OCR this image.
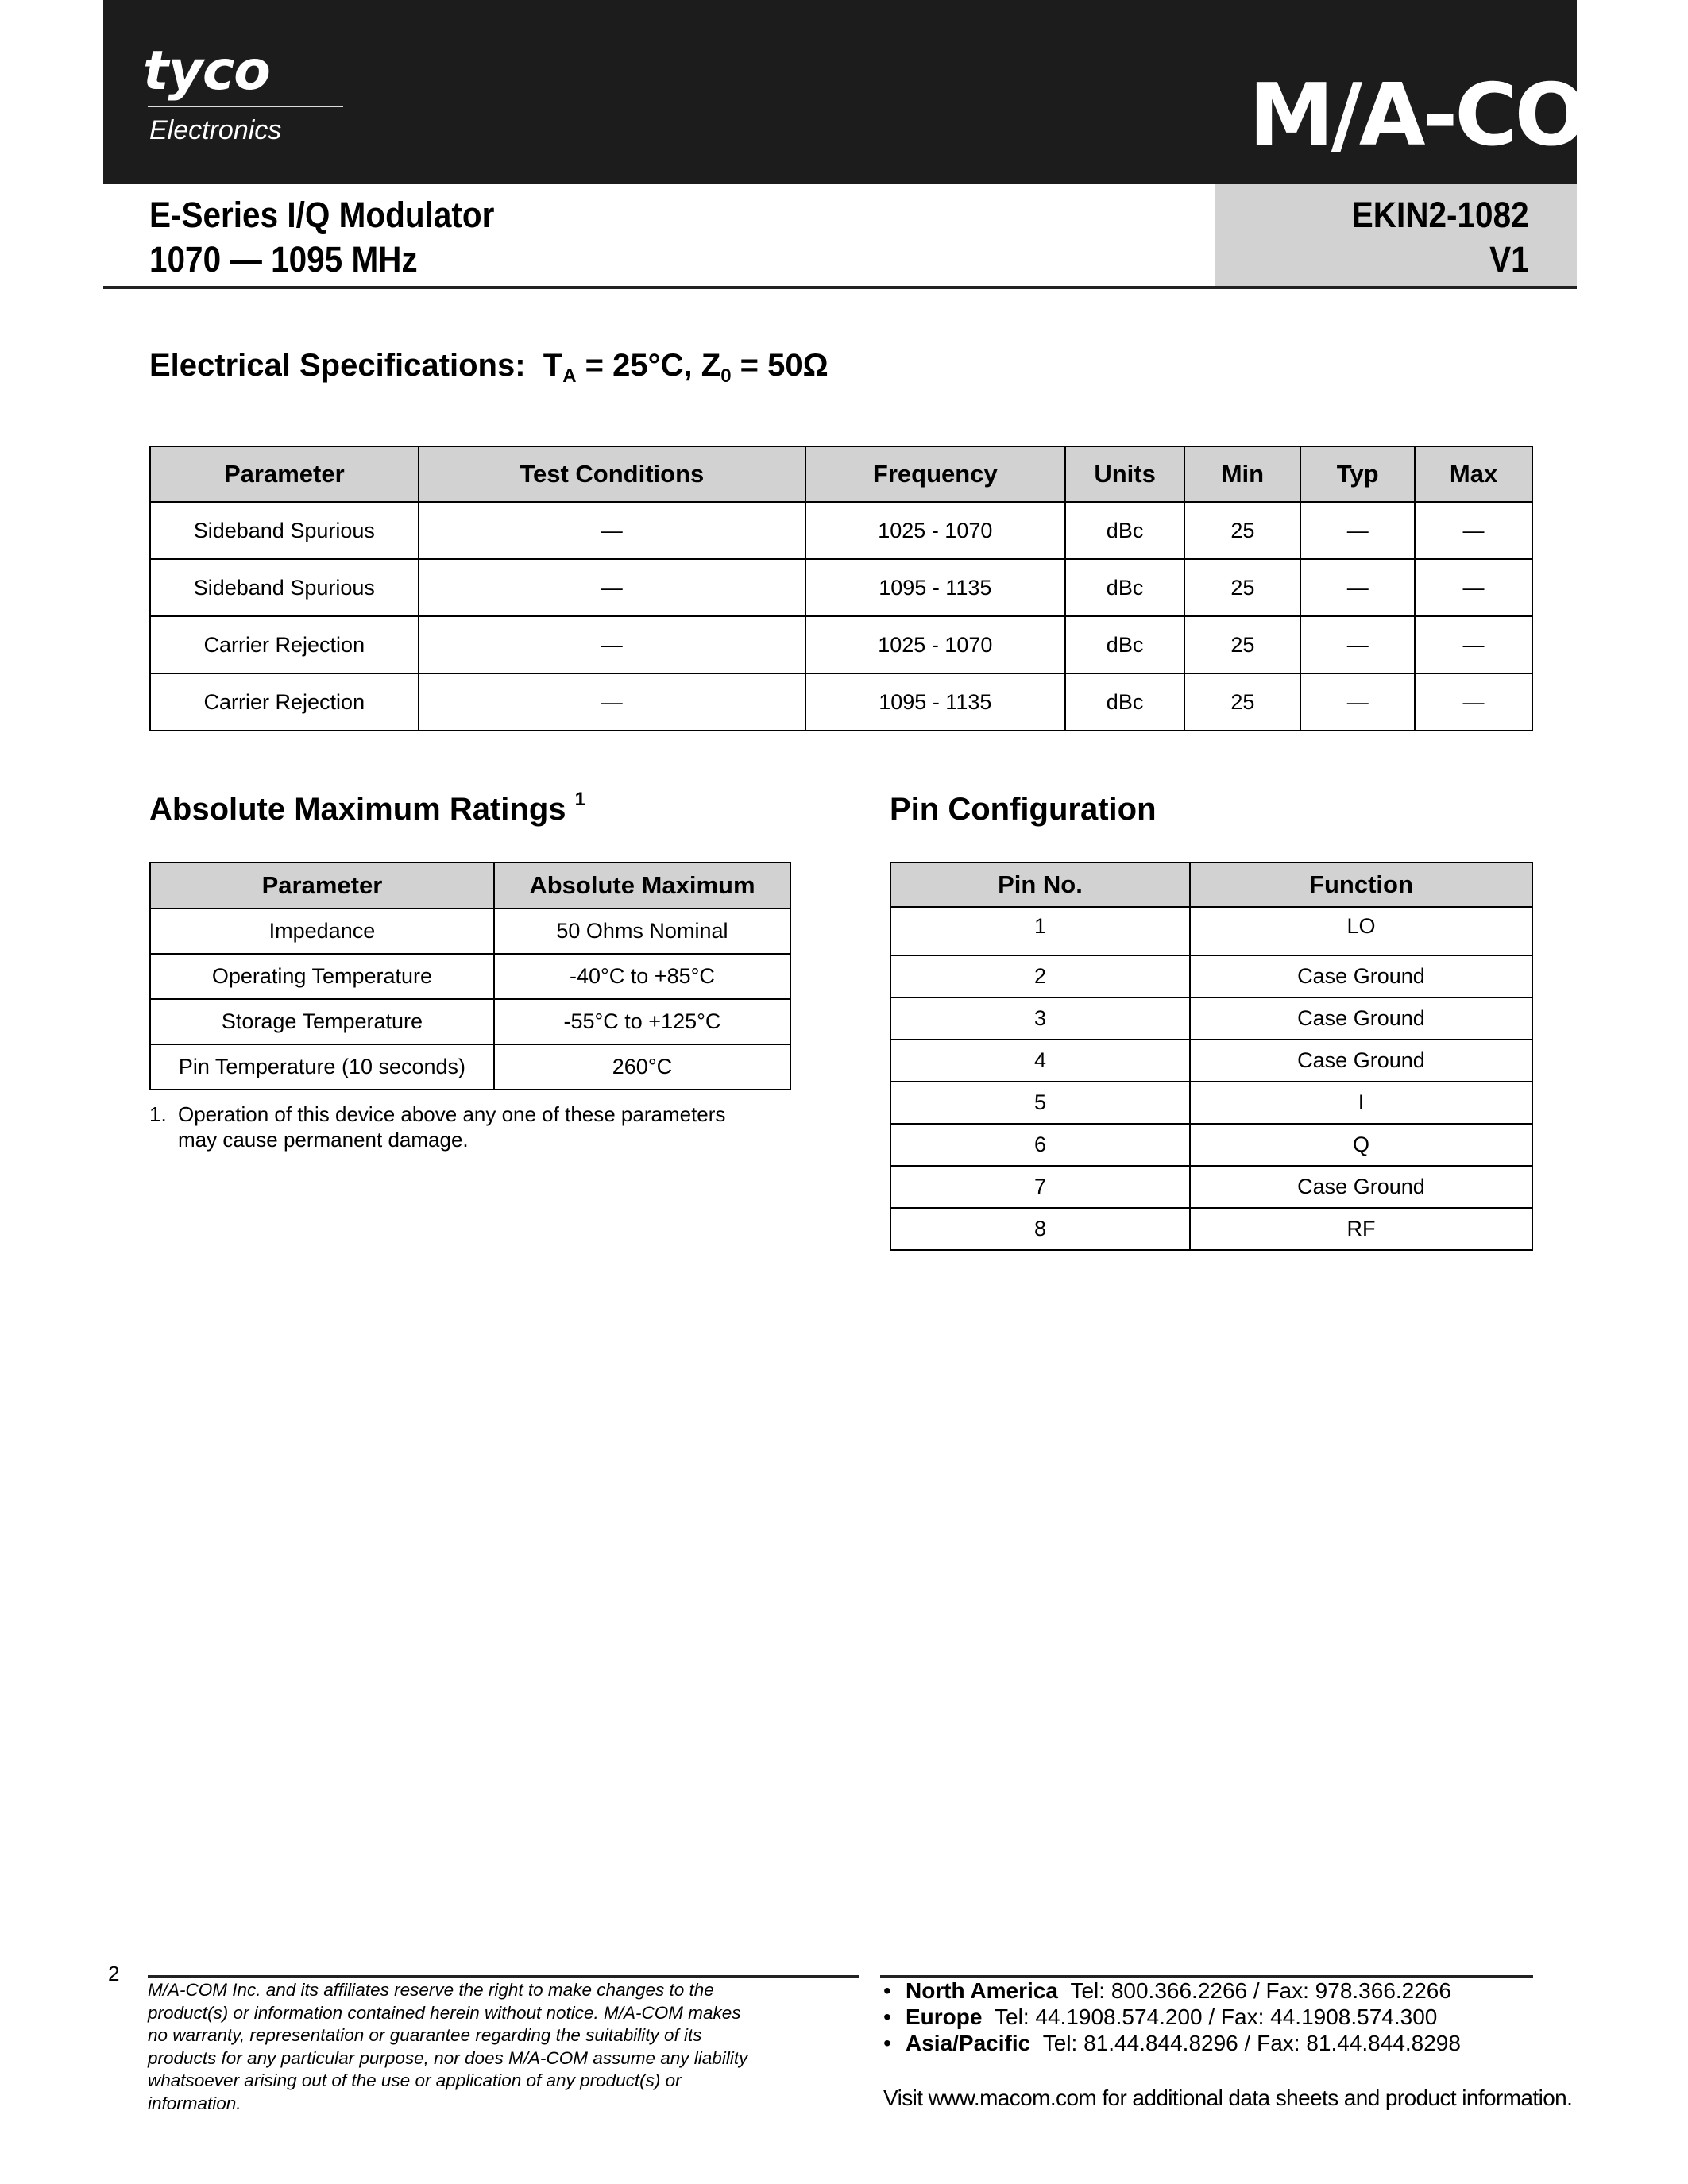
tyco
Electronics	M/A-COM
E-Series I/Q Modulator
1070 — 1095 MHz
EKIN2-1082
V1
Electrical Specifications: $T_A = 25^\circ C$, $Z_0 = 50\Omega$
Parameter	Test Conditions	Frequency	Units	Min	Typ	Max
Sideband Spurious	—	1025 - 1070	dBc	25	—	—
Sideband Spurious	—	1095 - 1135	dBc	25	—	—
Carrier Rejection	—	1025 - 1070	dBc	25	—	—
Carrier Rejection	—	1095 - 1135	dBc	25	—	—
Absolute Maximum Ratings $^1$
Parameter	Absolute Maximum
Impedance	50 Ohms Nominal
Operating Temperature	-40°C to +85°C
Storage Temperature	-55°C to +125°C
Pin Temperature (10 seconds)	260°C
1. Operation of this device above any one of these parameters
may cause permanent damage.
Pin Configuration
Pin No.	Function
1	LO
2	Case Ground
3	Case Ground
4	Case Ground
5	I
6	Q
7	Case Ground
8	RF
2
M/A-COM Inc. and its affiliates reserve the right to make changes to the
product(s) or information contained herein without notice. M/A-COM makes
no warranty, representation or guarantee regarding the suitability of its
products for any particular purpose, nor does M/A-COM assume any liability
whatsoever arising out of the use or application of any product(s) or
information.
• North America Tel: 800.366.2266 / Fax: 978.366.2266
• Europe Tel: 44.1908.574.200 / Fax: 44.1908.574.300
• Asia/Pacific Tel: 81.44.844.8296 / Fax: 81.44.844.8298
Visit www.macom.com for additional data sheets and product information.
